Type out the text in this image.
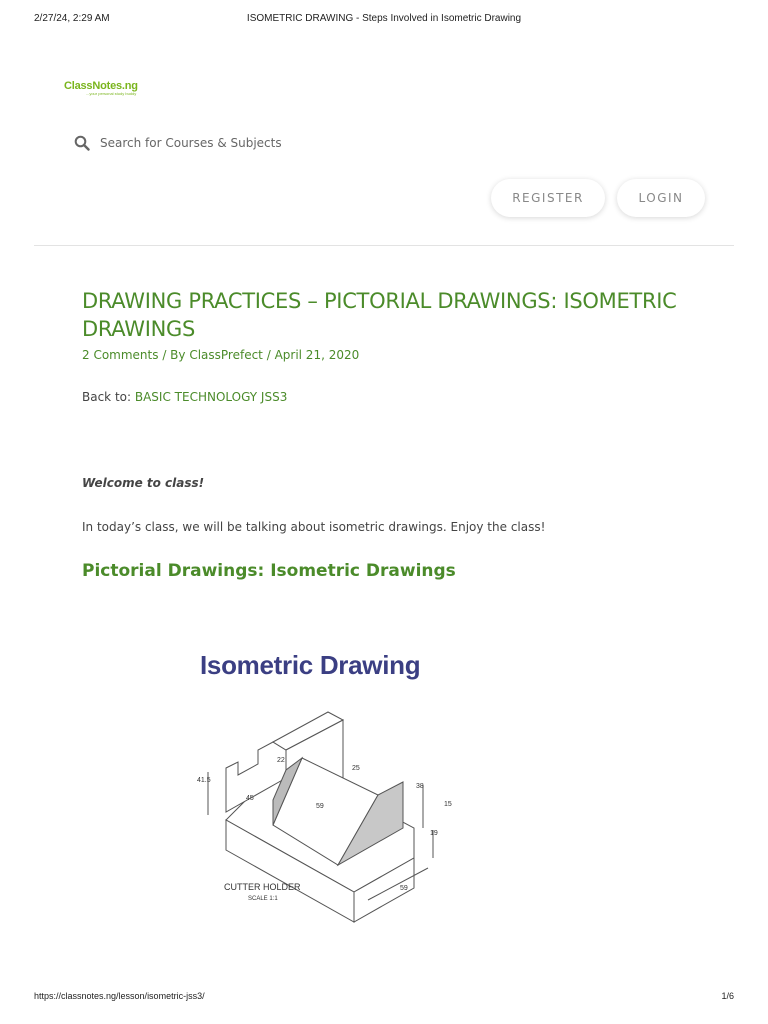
2/27/24, 2:29 AM	ISOMETRIC DRAWING - Steps Involved in Isometric Drawing
ClassNotes.ng
...your personal study buddy
Search for Courses & Subjects
REGISTER	LOGIN
DRAWING PRACTICES – PICTORIAL DRAWINGS: ISOMETRIC DRAWINGS
2 Comments / By ClassPrefect / April 21, 2020
Back to: BASIC TECHNOLOGY JSS3
Welcome to class!
In today’s class, we will be talking about isometric drawings. Enjoy the class!
Pictorial Drawings: Isometric Drawings
Isometric Drawing
22
25
41.5
45
59
38
15
19
59
CUTTER HOLDER
SCALE 1:1
https://classnotes.ng/lesson/isometric-jss3/	1/6
